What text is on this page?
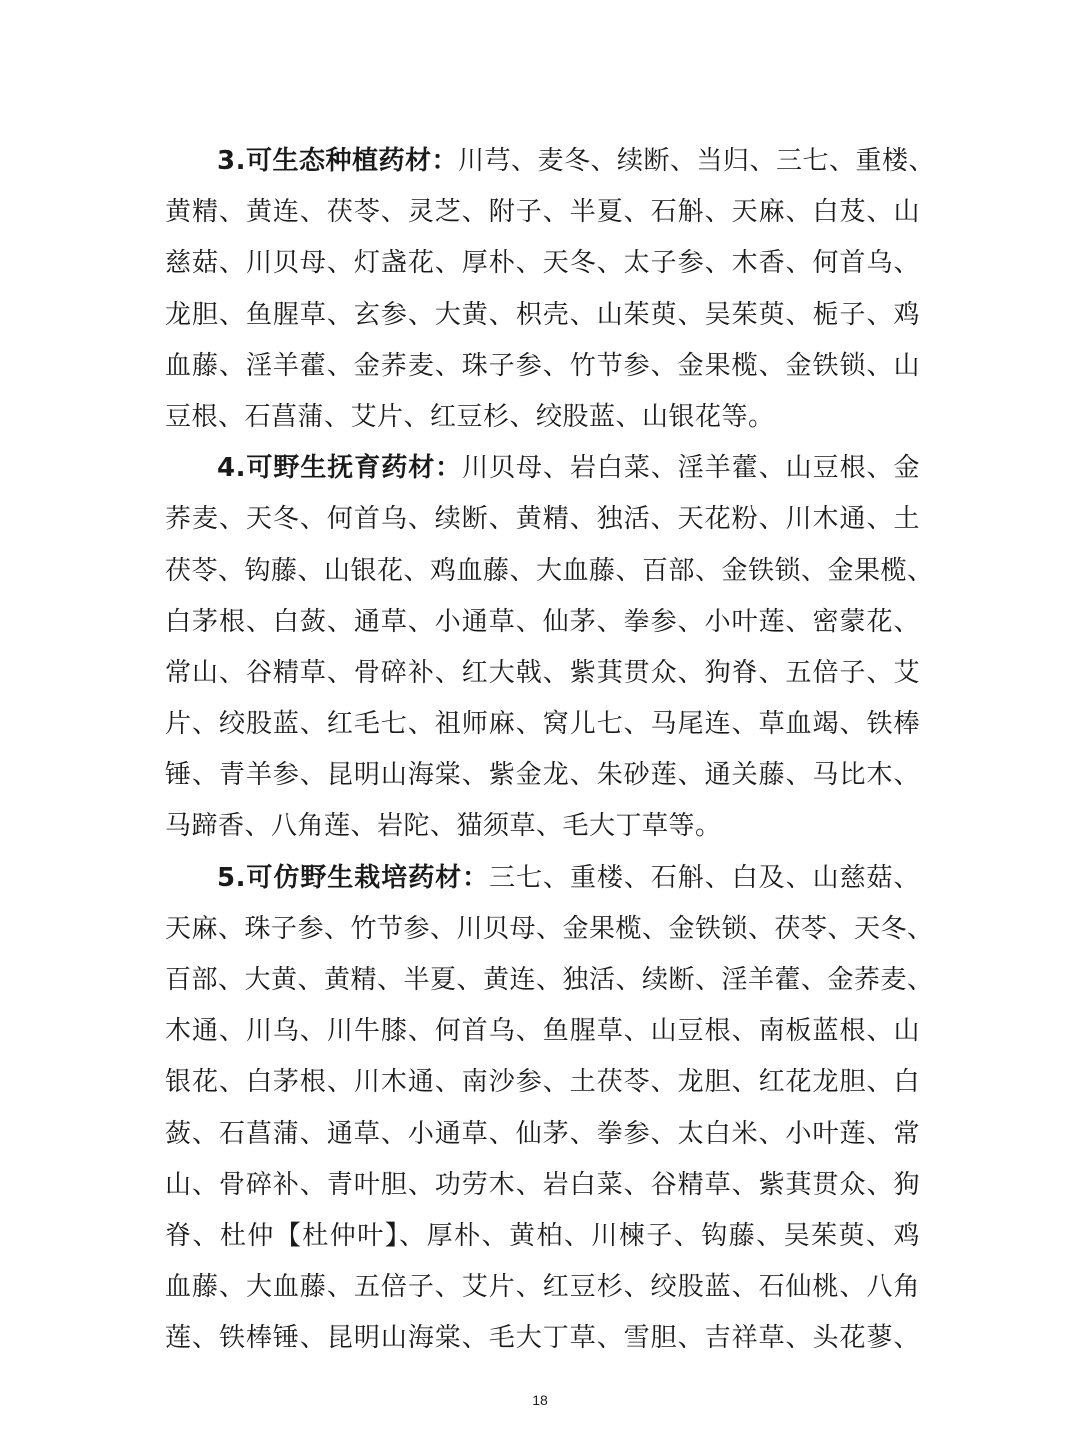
3.可生态种植药材：川芎、麦冬、续断、当归、三七、重楼、
黄精、黄连、茯苓、灵芝、附子、半夏、石斛、天麻、白芨、山
慈菇、川贝母、灯盏花、厚朴、天冬、太子参、木香、何首乌、
龙胆、鱼腥草、玄参、大黄、枳壳、山茱萸、吴茱萸、栀子、鸡
血藤、淫羊藿、金荞麦、珠子参、竹节参、金果榄、金铁锁、山
豆根、石菖蒲、艾片、红豆杉、绞股蓝、山银花等。
4.可野生抚育药材：川贝母、岩白菜、淫羊藿、山豆根、金
荞麦、天冬、何首乌、续断、黄精、独活、天花粉、川木通、土
茯苓、钩藤、山银花、鸡血藤、大血藤、百部、金铁锁、金果榄、
白茅根、白蔹、通草、小通草、仙茅、拳参、小叶莲、密蒙花、
常山、谷精草、骨碎补、红大戟、紫萁贯众、狗脊、五倍子、艾
片、绞股蓝、红毛七、祖师麻、窝儿七、马尾连、草血竭、铁棒
锤、青羊参、昆明山海棠、紫金龙、朱砂莲、通关藤、马比木、
马蹄香、八角莲、岩陀、猫须草、毛大丁草等。
5.可仿野生栽培药材：三七、重楼、石斛、白及、山慈菇、
天麻、珠子参、竹节参、川贝母、金果榄、金铁锁、茯苓、天冬、
百部、大黄、黄精、半夏、黄连、独活、续断、淫羊藿、金荞麦、
木通、川乌、川牛膝、何首乌、鱼腥草、山豆根、南板蓝根、山
银花、白茅根、川木通、南沙参、土茯苓、龙胆、红花龙胆、白
蔹、石菖蒲、通草、小通草、仙茅、拳参、太白米、小叶莲、常
山、骨碎补、青叶胆、功劳木、岩白菜、谷精草、紫萁贯众、狗
脊、杜仲【杜仲叶】、厚朴、黄柏、川楝子、钩藤、吴茱萸、鸡
血藤、大血藤、五倍子、艾片、红豆杉、绞股蓝、石仙桃、八角
莲、铁棒锤、昆明山海棠、毛大丁草、雪胆、吉祥草、头花蓼、
18
